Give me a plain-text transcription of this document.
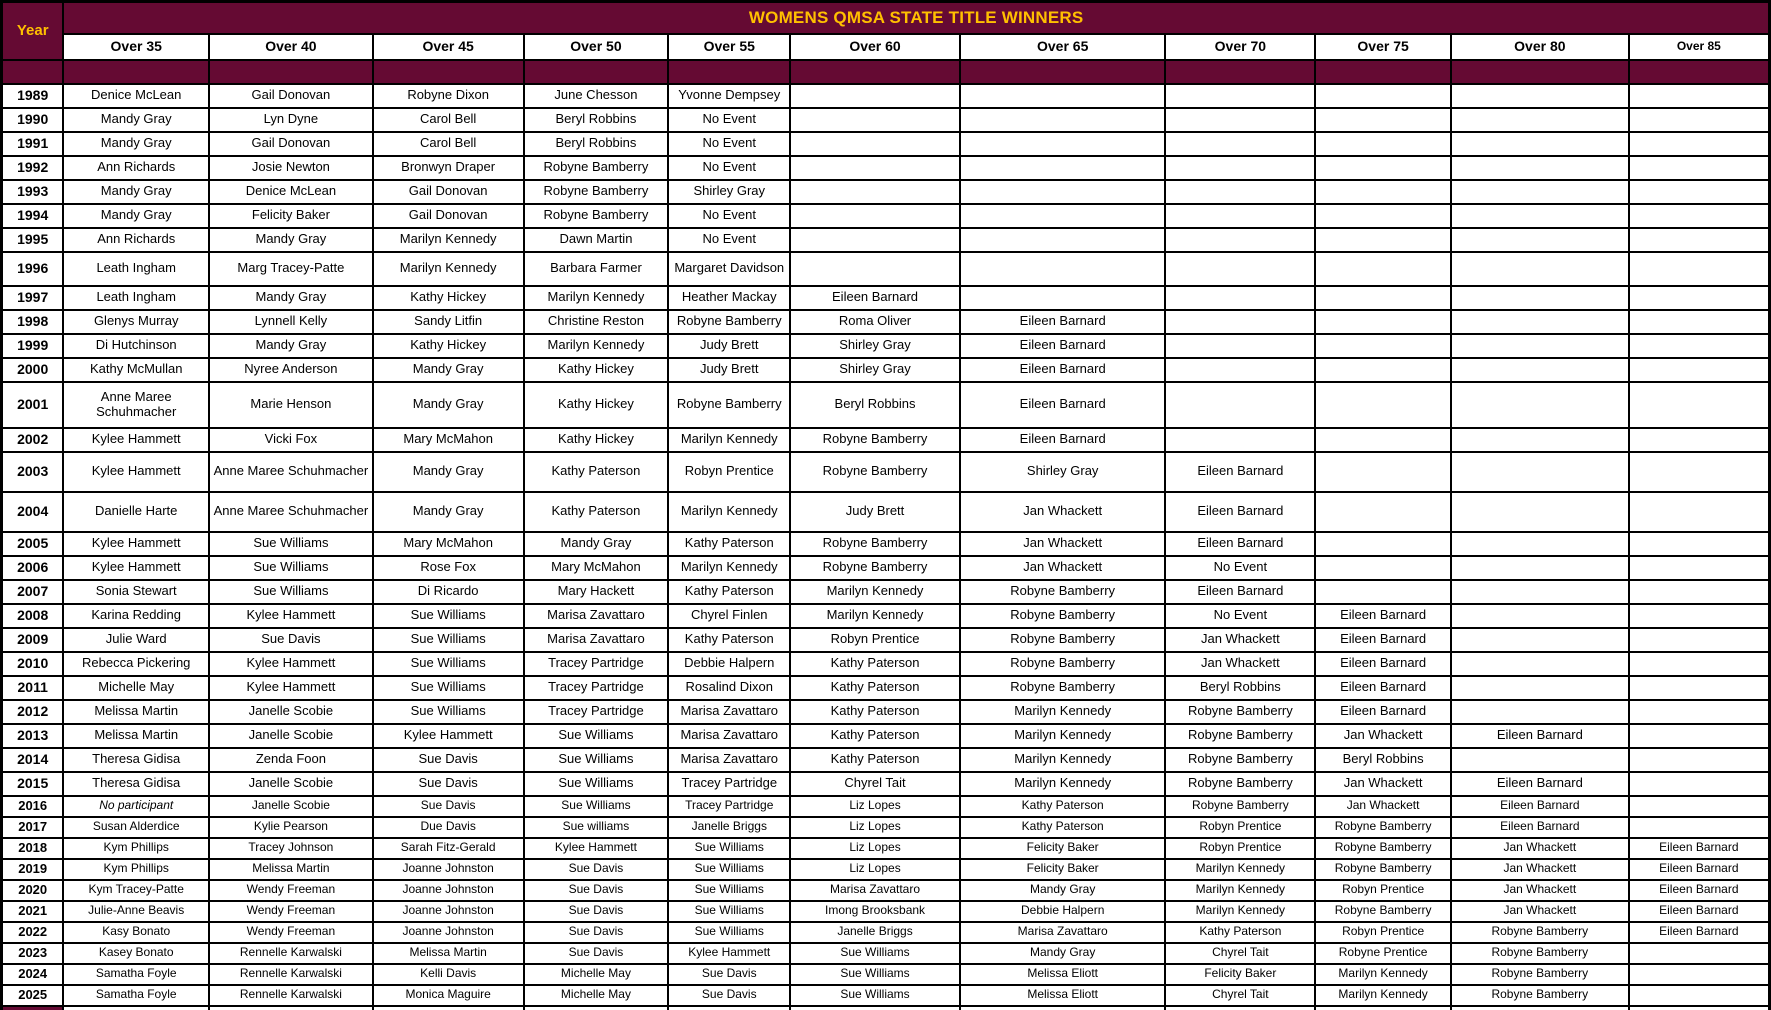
Year	WOMENS QMSA STATE TITLE WINNERS										
	Over 35	Over 40	Over 45	Over 50	Over 55	Over 60	Over 65	Over 70	Over 75	Over 80	Over 85

1989	Denice McLean	Gail Donovan	Robyne Dixon	June Chesson	Yvonne Dempsey						
1990	Mandy Gray	Lyn Dyne	Carol Bell	Beryl Robbins	No Event						
1991	Mandy Gray	Gail Donovan	Carol Bell	Beryl Robbins	No Event						
1992	Ann Richards	Josie Newton	Bronwyn Draper	Robyne Bamberry	No Event						
1993	Mandy Gray	Denice McLean	Gail Donovan	Robyne Bamberry	Shirley Gray						
1994	Mandy Gray	Felicity Baker	Gail Donovan	Robyne Bamberry	No Event						
1995	Ann Richards	Mandy Gray	Marilyn Kennedy	Dawn Martin	No Event						
1996	Leath Ingham	Marg Tracey-Patte	Marilyn Kennedy	Barbara Farmer	Margaret Davidson						
1997	Leath Ingham	Mandy Gray	Kathy Hickey	Marilyn Kennedy	Heather Mackay	Eileen Barnard					
1998	Glenys Murray	Lynnell Kelly	Sandy Litfin	Christine Reston	Robyne Bamberry	Roma Oliver	Eileen Barnard				
1999	Di Hutchinson	Mandy Gray	Kathy Hickey	Marilyn Kennedy	Judy Brett	Shirley Gray	Eileen Barnard				
2000	Kathy McMullan	Nyree Anderson	Mandy Gray	Kathy Hickey	Judy Brett	Shirley Gray	Eileen Barnard				
2001	Anne Maree Schuhmacher	Marie Henson	Mandy Gray	Kathy Hickey	Robyne Bamberry	Beryl Robbins	Eileen Barnard				
2002	Kylee Hammett	Vicki Fox	Mary McMahon	Kathy Hickey	Marilyn Kennedy	Robyne Bamberry	Eileen Barnard				
2003	Kylee Hammett	Anne Maree Schuhmacher	Mandy Gray	Kathy Paterson	Robyn Prentice	Robyne Bamberry	Shirley Gray	Eileen Barnard			
2004	Danielle Harte	Anne Maree Schuhmacher	Mandy Gray	Kathy Paterson	Marilyn Kennedy	Judy Brett	Jan Whackett	Eileen Barnard			
2005	Kylee Hammett	Sue Williams	Mary McMahon	Mandy Gray	Kathy Paterson	Robyne Bamberry	Jan Whackett	Eileen Barnard			
2006	Kylee Hammett	Sue Williams	Rose Fox	Mary McMahon	Marilyn Kennedy	Robyne Bamberry	Jan Whackett	No Event			
2007	Sonia Stewart	Sue Williams	Di Ricardo	Mary Hackett	Kathy Paterson	Marilyn Kennedy	Robyne Bamberry	Eileen Barnard			
2008	Karina Redding	Kylee Hammett	Sue Williams	Marisa Zavattaro	Chyrel Finlen	Marilyn Kennedy	Robyne Bamberry	No Event	Eileen Barnard		
2009	Julie Ward	Sue Davis	Sue Williams	Marisa Zavattaro	Kathy Paterson	Robyn Prentice	Robyne Bamberry	Jan Whackett	Eileen Barnard		
2010	Rebecca Pickering	Kylee Hammett	Sue Williams	Tracey Partridge	Debbie Halpern	Kathy Paterson	Robyne Bamberry	Jan Whackett	Eileen Barnard		
2011	Michelle May	Kylee Hammett	Sue Williams	Tracey Partridge	Rosalind Dixon	Kathy Paterson	Robyne Bamberry	Beryl Robbins	Eileen Barnard		
2012	Melissa Martin	Janelle Scobie	Sue Williams	Tracey Partridge	Marisa Zavattaro	Kathy Paterson	Marilyn Kennedy	Robyne Bamberry	Eileen Barnard		
2013	Melissa Martin	Janelle Scobie	Kylee Hammett	Sue Williams	Marisa Zavattaro	Kathy Paterson	Marilyn Kennedy	Robyne Bamberry	Jan Whackett	Eileen Barnard	
2014	Theresa Gidisa	Zenda Foon	Sue Davis	Sue Williams	Marisa Zavattaro	Kathy Paterson	Marilyn Kennedy	Robyne Bamberry	Beryl Robbins		
2015	Theresa Gidisa	Janelle Scobie	Sue Davis	Sue Williams	Tracey Partridge	Chyrel Tait	Marilyn Kennedy	Robyne Bamberry	Jan Whackett	Eileen Barnard	
2016	No participant	Janelle Scobie	Sue Davis	Sue Williams	Tracey Partridge	Liz Lopes	Kathy Paterson	Robyne Bamberry	Jan Whackett	Eileen Barnard	
2017	Susan Alderdice	Kylie Pearson	Due Davis	Sue williams	Janelle Briggs	Liz Lopes	Kathy Paterson	Robyn Prentice	Robyne Bamberry	Eileen Barnard	
2018	Kym Phillips	Tracey Johnson	Sarah Fitz-Gerald	Kylee Hammett	Sue Williams	Liz Lopes	Felicity Baker	Robyn Prentice	Robyne Bamberry	Jan Whackett	Eileen Barnard
2019	Kym Phillips	Melissa Martin	Joanne Johnston	Sue Davis	Sue Williams	Liz Lopes	Felicity Baker	Marilyn Kennedy	Robyne Bamberry	Jan Whackett	Eileen Barnard
2020	Kym Tracey-Patte	Wendy Freeman	Joanne Johnston	Sue Davis	Sue Williams	Marisa Zavattaro	Mandy Gray	Marilyn Kennedy	Robyn Prentice	Jan Whackett	Eileen Barnard
2021	Julie-Anne Beavis	Wendy Freeman	Joanne Johnston	Sue Davis	Sue Williams	Imong Brooksbank	Debbie Halpern	Marilyn Kennedy	Robyne Bamberry	Jan Whackett	Eileen Barnard
2022	Kasy Bonato	Wendy Freeman	Joanne Johnston	Sue Davis	Sue Williams	Janelle Briggs	Marisa Zavattaro	Kathy Paterson	Robyn Prentice	Robyne Bamberry	Eileen Barnard
2023	Kasey Bonato	Rennelle Karwalski	Melissa Martin	Sue Davis	Kylee Hammett	Sue Williams	Mandy Gray	Chyrel Tait	Robyne Prentice	Robyne Bamberry	
2024	Samatha Foyle	Rennelle Karwalski	Kelli Davis	Michelle May	Sue Davis	Sue Williams	Melissa Eliott	Felicity Baker	Marilyn Kennedy	Robyne Bamberry	
2025	Samatha Foyle	Rennelle Karwalski	Monica Maguire	Michelle May	Sue Davis	Sue Williams	Melissa Eliott	Chyrel Tait	Marilyn Kennedy	Robyne Bamberry	
